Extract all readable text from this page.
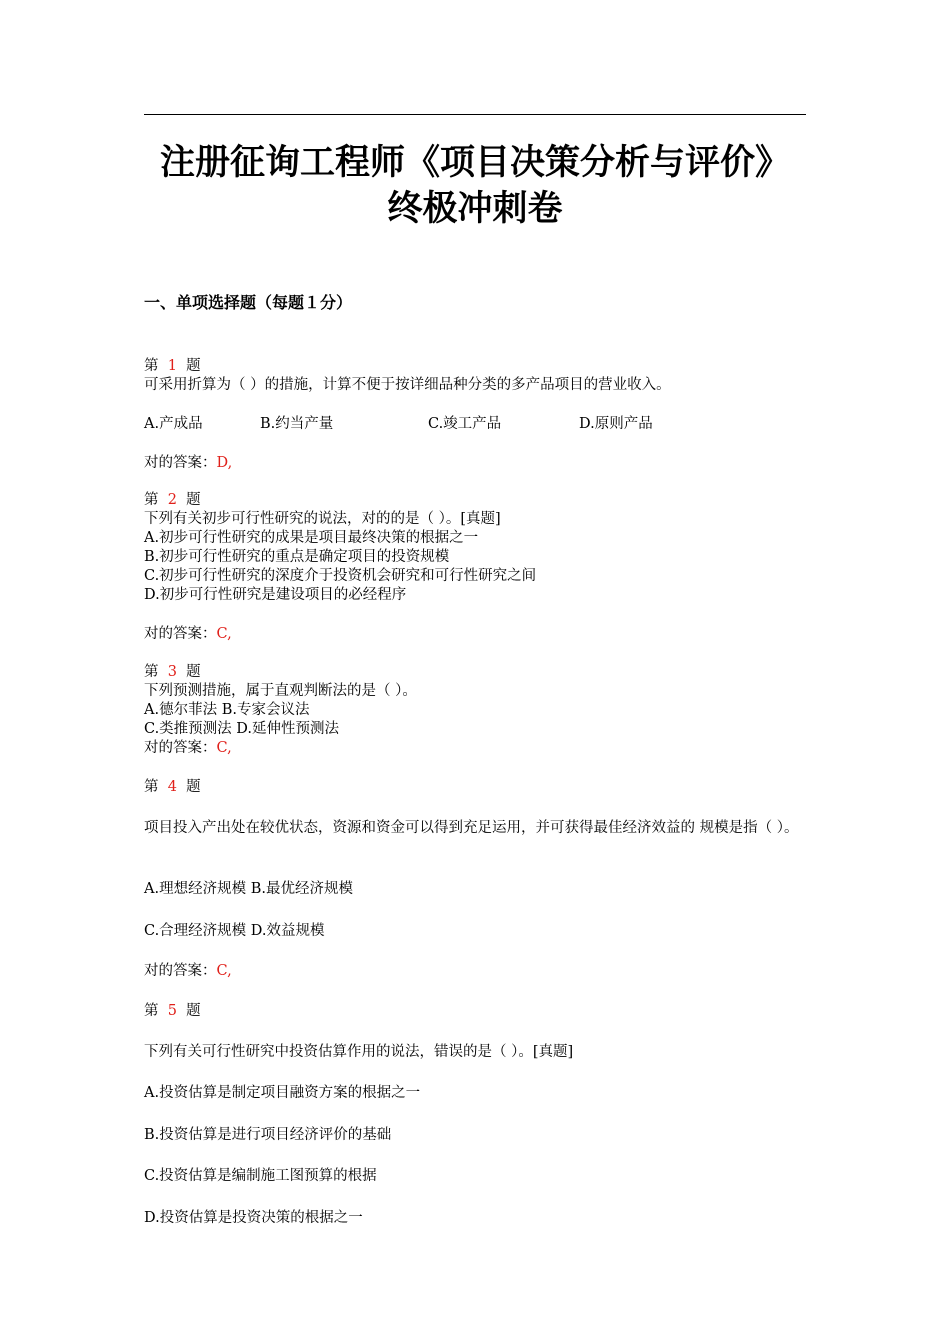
注册征询工程师《项目决策分析与评价》终极冲刺卷
一、单项选择题（每题１分）
第 1 题
可采用折算为（ ）的措施，计算不便于按详细品种分类的多产品项目的营业收入。
A.产成品	B.约当产量	C.竣工产品	D.原则产品
对的答案：D,
第 2 题
下列有关初步可行性研究的说法，对的的是（ ）。[真题]
A.初步可行性研究的成果是项目最终决策的根据之一
B.初步可行性研究的重点是确定项目的投资规模
C.初步可行性研究的深度介于投资机会研究和可行性研究之间
D.初步可行性研究是建设项目的必经程序
对的答案：C,
第 3 题
下列预测措施，属于直观判断法的是（ ）。
A.德尔菲法 B.专家会议法
C.类推预测法 D.延伸性预测法
对的答案：C,
第 4 题
项目投入产出处在较优状态，资源和资金可以得到充足运用，并可获得最佳经济效益的 规模是指（ ）。
A.理想经济规模 B.最优经济规模
C.合理经济规模 D.效益规模
对的答案：C,
第 5 题
下列有关可行性研究中投资估算作用的说法，错误的是（ ）。[真题]
A.投资估算是制定项目融资方案的根据之一
B.投资估算是进行项目经济评价的基础
C.投资估算是编制施工图预算的根据
D.投资估算是投资决策的根据之一
